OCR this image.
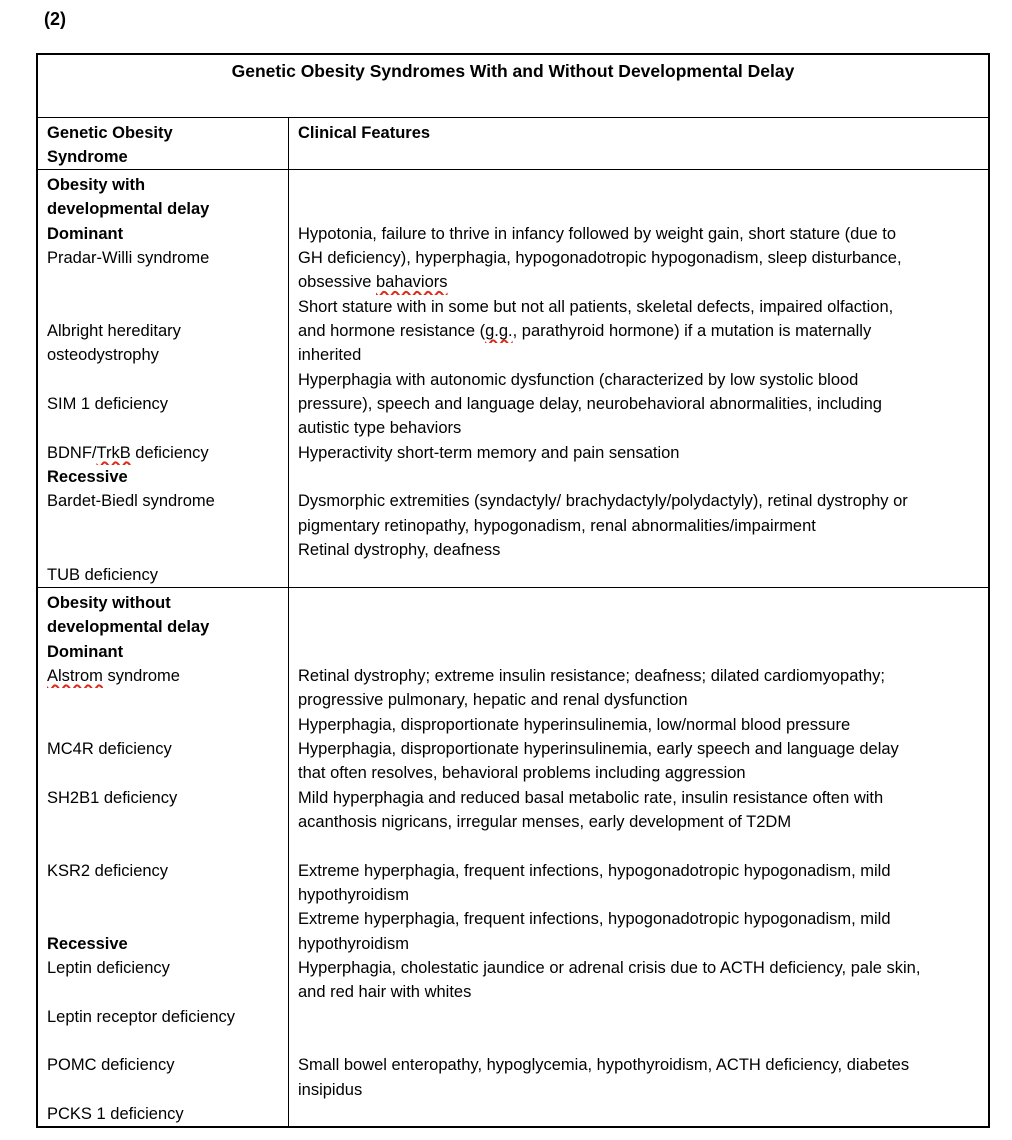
(2)
Genetic Obesity Syndromes With and Without Developmental Delay
Genetic Obesity
Syndrome
Clinical Features
Obesity with
developmental delay
Dominant
Pradar-Willi syndrome

Albright hereditary
osteodystrophy

SIM 1 deficiency

BDNF/TrkB deficiency
Recessive
Bardet-Biedl syndrome

TUB deficiency

Hypotonia, failure to thrive in infancy followed by weight gain, short stature (due to
GH deficiency), hyperphagia, hypogonadotropic hypogonadism, sleep disturbance,
obsessive bahaviors
Short stature with in some but not all patients, skeletal defects, impaired olfaction,
and hormone resistance (g.g., parathyroid hormone) if a mutation is maternally
inherited
Hyperphagia with autonomic dysfunction (characterized by low systolic blood
pressure), speech and language delay, neurobehavioral abnormalities, including
autistic type behaviors
Hyperactivity short-term memory and pain sensation

Dysmorphic extremities (syndactyly/ brachydactyly/polydactyly), retinal dystrophy or
pigmentary retinopathy, hypogonadism, renal abnormalities/impairment
Retinal dystrophy, deafness
Obesity without
developmental delay
Dominant
Alstrom syndrome

MC4R deficiency

SH2B1 deficiency

KSR2 deficiency

Recessive
Leptin deficiency

Leptin receptor deficiency

POMC deficiency

PCKS 1 deficiency

Retinal dystrophy; extreme insulin resistance; deafness; dilated cardiomyopathy;
progressive pulmonary, hepatic and renal dysfunction
Hyperphagia, disproportionate hyperinsulinemia, low/normal blood pressure
Hyperphagia, disproportionate hyperinsulinemia, early speech and language delay
that often resolves, behavioral problems including aggression
Mild hyperphagia and reduced basal metabolic rate, insulin resistance often with
acanthosis nigricans, irregular menses, early development of T2DM

Extreme hyperphagia, frequent infections, hypogonadotropic hypogonadism, mild
hypothyroidism
Extreme hyperphagia, frequent infections, hypogonadotropic hypogonadism, mild
hypothyroidism
Hyperphagia, cholestatic jaundice or adrenal crisis due to ACTH deficiency, pale skin,
and red hair with whites

Small bowel enteropathy, hypoglycemia, hypothyroidism, ACTH deficiency, diabetes
insipidus
